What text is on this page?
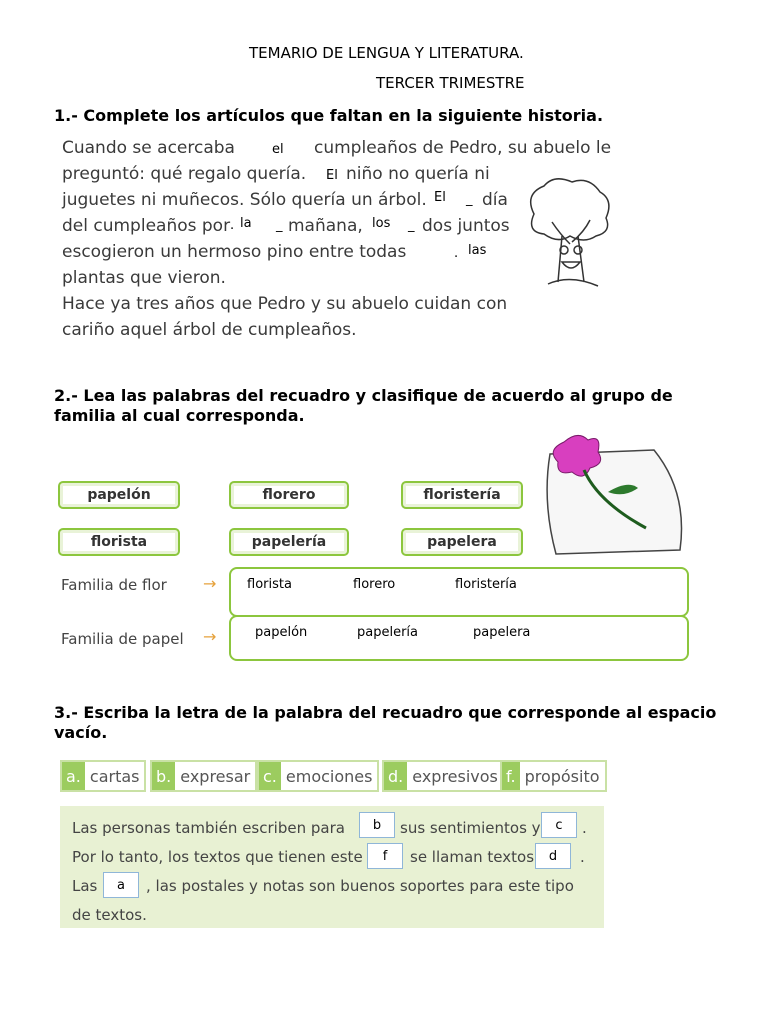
TEMARIO DE LENGUA Y LITERATURA.
TERCER TRIMESTRE
1.- Complete los artículos que faltan en la siguiente historia.
Cuando se acercaba	cumpleaños de Pedro, su abuelo le
preguntó: qué regalo quería. niño no quería ni
juguetes ni muñecos. Sólo quería un árbol.	día
del cumpleaños por	mañana,	dos juntos
escogieron un hermoso pino entre todas
plantas que vieron.
Hace ya tres años que Pedro y su abuelo cuidan con
cariño aquel árbol de cumpleaños.
el
El
El _
. la _	los _
. las
2.- Lea las palabras del recuadro y clasifique de acuerdo al grupo de familia al cual corresponda.
papelón	florero	floristería
florista	papelería	papelera
Familia de flor → florista	florero	floristería
Familia de papel →	papelón	papelería	papelera
3.- Escriba la letra de la palabra del recuadro que corresponde al espacio vacío.
a. cartas	b. expresar c. emociones d. expresivos f. propósito
Las personas también escriben para	sus sentimientos y	.
Por lo tanto, los textos que tienen este	se llaman textos	.
Las	, las postales y notas son buenos soportes para este tipo
de textos.
b	c
f	d
a
